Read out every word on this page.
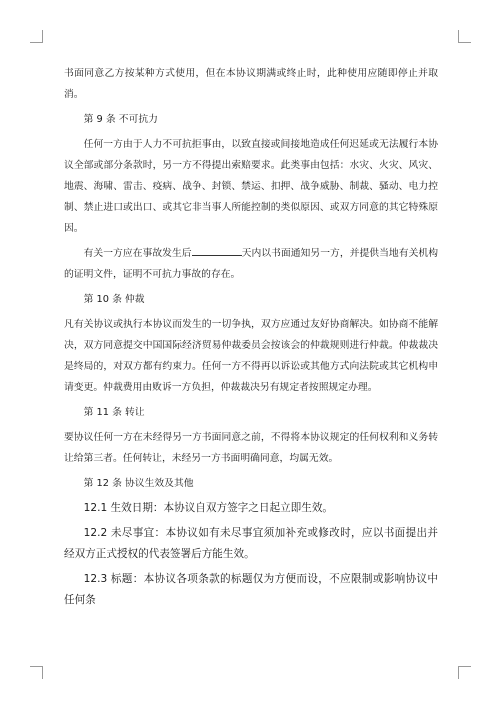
书面同意乙方按某种方式使用，但在本协议期满或终止时，此种使用应随即停止并取消。

第 9 条 不可抗力

任何一方由于人力不可抗拒事由，以致直接或间接地造成任何迟延或无法履行本协议全部或部分条款时，另一方不得提出索赔要求。此类事由包括：水灾、火灾、风灾、地震、海啸、雷击、疫病、战争、封锁、禁运、扣押、战争威胁、制裁、骚动、电力控制、禁止进口或出口、或其它非当事人所能控制的类似原因、或双方同意的其它特殊原因。

有关一方应在事故发生后	天内以书面通知另一方，并提供当地有关机构的证明文件，证明不可抗力事故的存在。

第 10 条 仲裁

凡有关协议或执行本协议而发生的一切争执，双方应通过友好协商解决。如协商不能解决，双方同意提交中国国际经济贸易仲裁委员会按该会的仲裁规则进行仲裁。仲裁裁决是终局的，对双方都有约束力。任何一方不得再以诉讼或其他方式向法院或其它机构申请变更。仲裁费用由败诉一方负担，仲裁裁决另有规定者按照规定办理。

第 11 条 转让

要协议任何一方在未经得另一方书面同意之前，不得将本协议规定的任何权利和义务转让给第三者。任何转让，未经另一方书面明确同意，均属无效。

第 12 条 协议生效及其他

12.1 生效日期：本协议自双方签字之日起立即生效。

12.2 未尽事宜：本协议如有未尽事宜须加补充或修改时，应以书面提出并经双方正式授权的代表签署后方能生效。

12.3 标题：本协议各项条款的标题仅为方便而设，不应限制或影响协议中任何条
